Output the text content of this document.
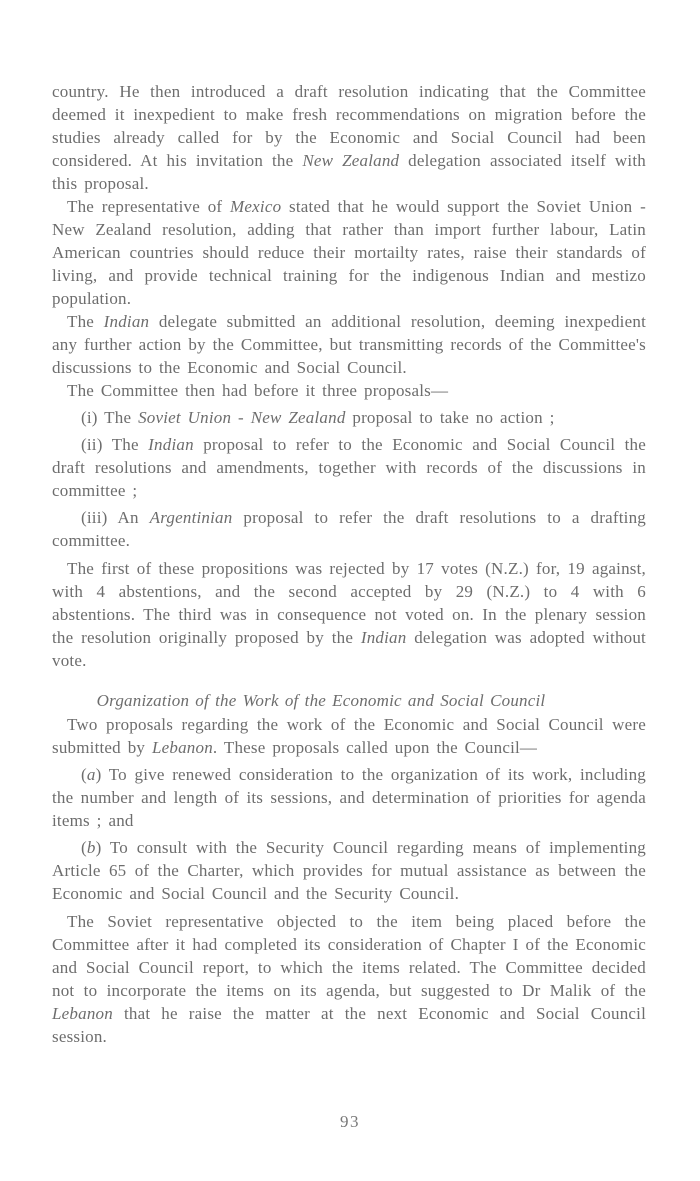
country. He then introduced a draft resolution indicating that the Committee deemed it inexpedient to make fresh recommendations on migration before the studies already called for by the Economic and Social Council had been considered. At his invitation the New Zealand delegation associated itself with this proposal.
The representative of Mexico stated that he would support the Soviet Union - New Zealand resolution, adding that rather than import further labour, Latin American countries should reduce their mortailty rates, raise their standards of living, and provide technical training for the indigenous Indian and mestizo population.
The Indian delegate submitted an additional resolution, deeming inexpedient any further action by the Committee, but transmitting records of the Committee's discussions to the Economic and Social Council.
The Committee then had before it three proposals—
(i) The Soviet Union - New Zealand proposal to take no action ;
(ii) The Indian proposal to refer to the Economic and Social Council the draft resolutions and amendments, together with records of the discussions in committee ;
(iii) An Argentinian proposal to refer the draft resolutions to a drafting committee.
The first of these propositions was rejected by 17 votes (N.Z.) for, 19 against, with 4 abstentions, and the second accepted by 29 (N.Z.) to 4 with 6 abstentions. The third was in consequence not voted on. In the plenary session the resolution originally proposed by the Indian delegation was adopted without vote.
Organization of the Work of the Economic and Social Council
Two proposals regarding the work of the Economic and Social Council were submitted by Lebanon. These proposals called upon the Council—
(a) To give renewed consideration to the organization of its work, including the number and length of its sessions, and determination of priorities for agenda items ; and
(b) To consult with the Security Council regarding means of implementing Article 65 of the Charter, which provides for mutual assistance as between the Economic and Social Council and the Security Council.
The Soviet representative objected to the item being placed before the Committee after it had completed its consideration of Chapter I of the Economic and Social Council report, to which the items related. The Committee decided not to incorporate the items on its agenda, but suggested to Dr Malik of the Lebanon that he raise the matter at the next Economic and Social Council session.
93
